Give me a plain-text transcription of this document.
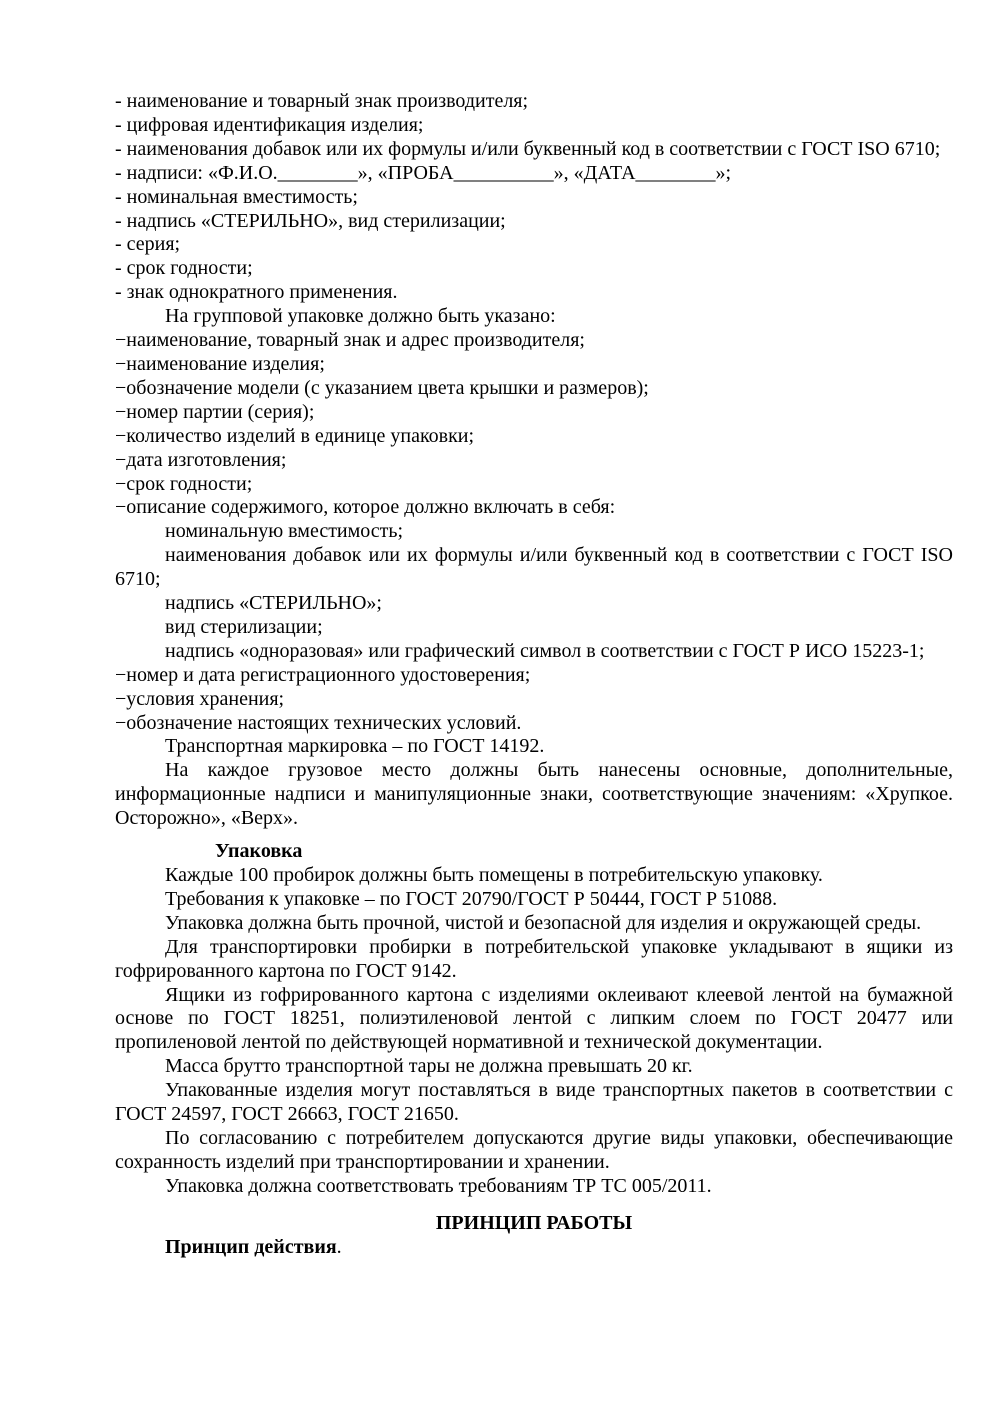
- наименование и товарный знак производителя;

- цифровая идентификация изделия;

- наименования добавок или их формулы и/или буквенный код в соответствии с ГОСТ ISO 6710;

- надписи: «Ф.И.О.________», «ПРОБА__________», «ДАТА________»;

- номинальная вместимость;

- надпись «СТЕРИЛЬНО», вид стерилизации;

- серия;

- срок годности;

- знак однократного применения.

На групповой упаковке должно быть указано:

−наименование, товарный знак и адрес производителя;

−наименование изделия;

−обозначение модели (с указанием цвета крышки и размеров);

−номер партии (серия);

−количество изделий в единице упаковки;

−дата изготовления;

−срок годности;

−описание содержимого, которое должно включать в себя:

номинальную вместимость;

наименования добавок или их формулы и/или буквенный код в соответствии с ГОСТ ISO 6710;

надпись «СТЕРИЛЬНО»;

вид стерилизации;

надпись «одноразовая» или графический символ в соответствии с ГОСТ Р ИСО 15223-1;

−номер и дата регистрационного удостоверения;

−условия хранения;

−обозначение настоящих технических условий.

Транспортная маркировка – по ГОСТ 14192.

На каждое грузовое место должны быть нанесены основные, дополнительные, информационные надписи и манипуляционные знаки, соответствующие значениям: «Хрупкое. Осторожно», «Верх».

Упаковка

Каждые 100 пробирок должны быть помещены в потребительскую упаковку.

Требования к упаковке – по ГОСТ 20790/ГОСТ Р 50444, ГОСТ Р 51088.

Упаковка должна быть прочной, чистой и безопасной для изделия и окружающей среды.

Для транспортировки пробирки в потребительской упаковке укладывают в ящики из гофрированного картона по ГОСТ 9142.

Ящики из гофрированного картона с изделиями оклеивают клеевой лентой на бумажной основе по ГОСТ 18251, полиэтиленовой лентой с липким слоем по ГОСТ 20477 или пропиленовой лентой по действующей нормативной и технической документации.

Масса брутто транспортной тары не должна превышать 20 кг.

Упакованные изделия могут поставляться в виде транспортных пакетов в соответствии с ГОСТ 24597, ГОСТ 26663, ГОСТ 21650.

По согласованию с потребителем допускаются другие виды упаковки, обеспечивающие сохранность изделий при транспортировании и хранении.

Упаковка должна соответствовать требованиям ТР ТС 005/2011.

ПРИНЦИП РАБОТЫ

Принцип действия.
